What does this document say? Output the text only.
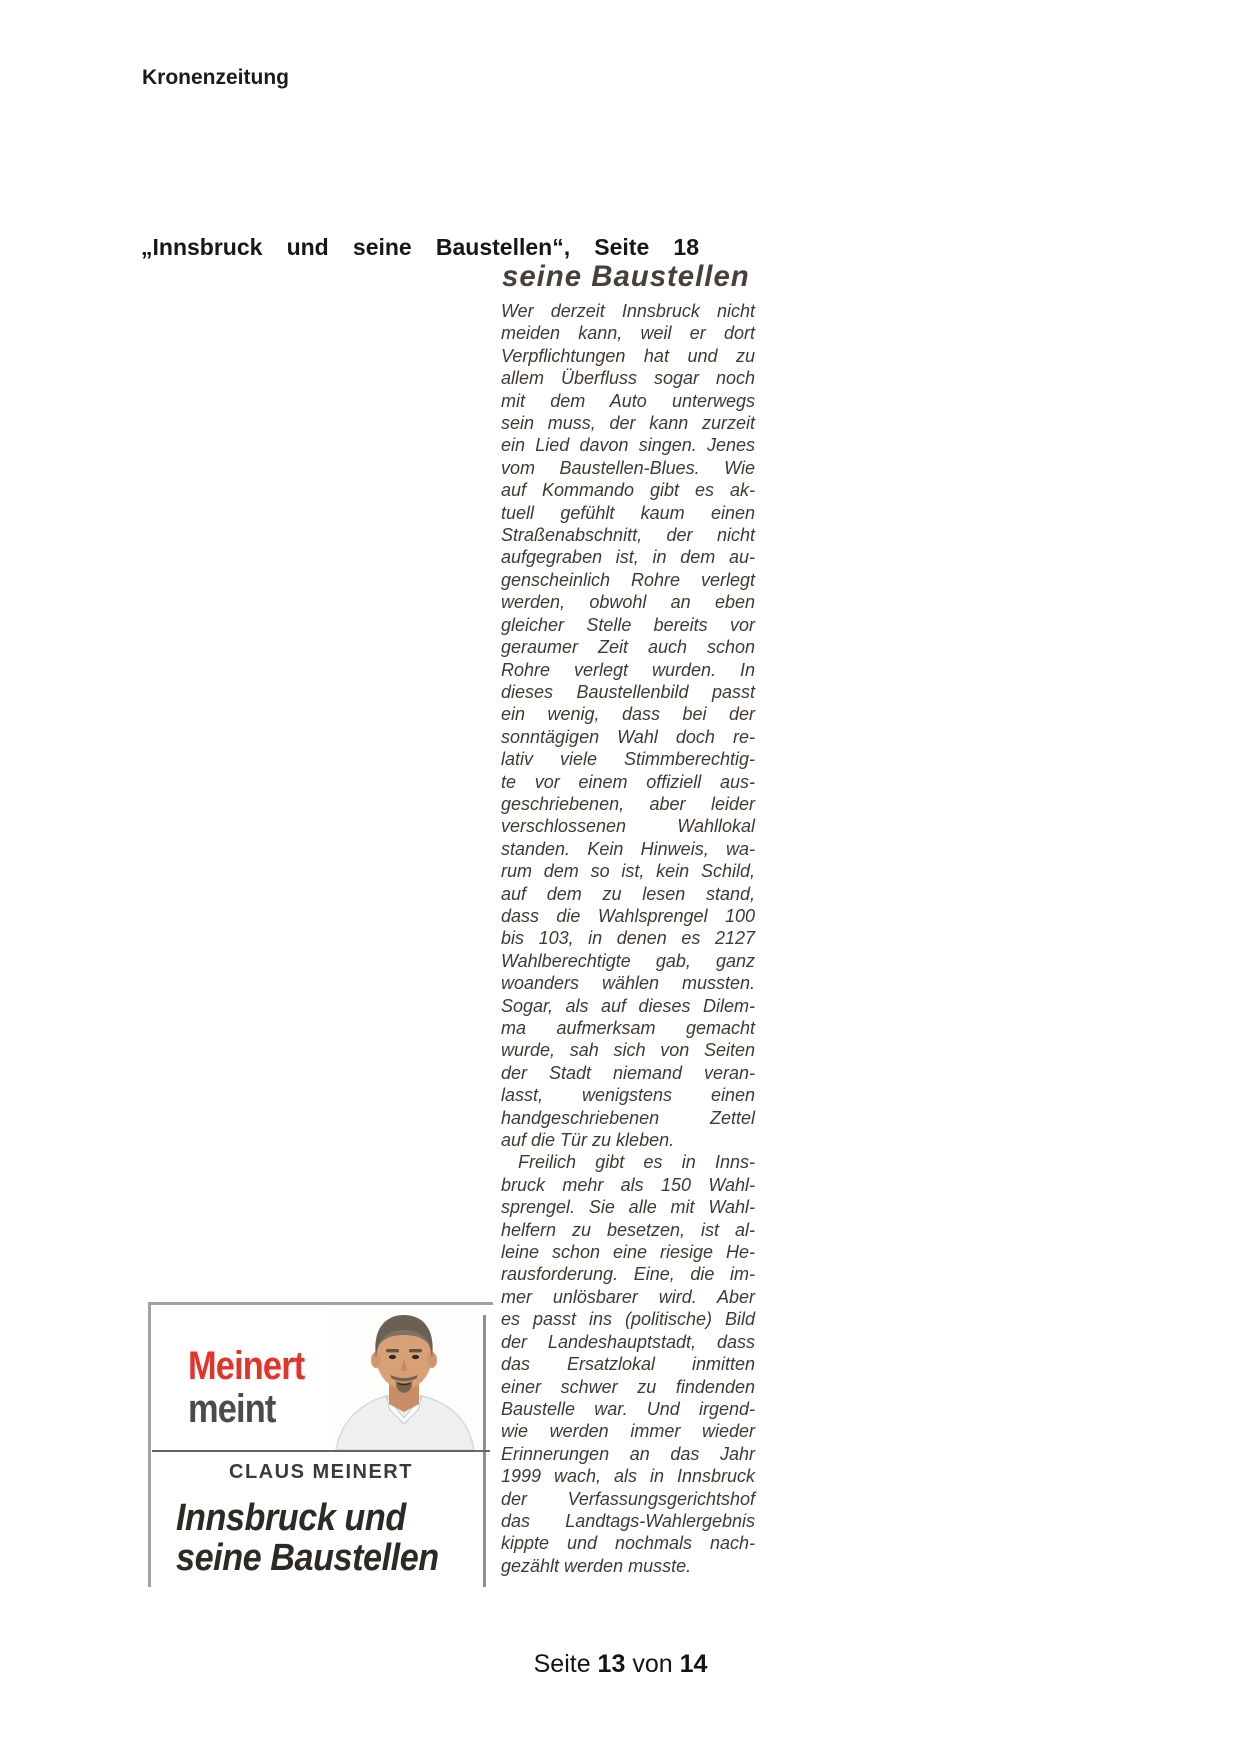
Kronenzeitung
„Innsbruck und seine Baustellen“, Seite 18
seine Baustellen
Wer derzeit Innsbruck nicht
meiden kann, weil er dort
Verpflichtungen hat und zu
allem Überfluss sogar noch
mit dem Auto unterwegs
sein muss, der kann zurzeit
ein Lied davon singen. Jenes
vom Baustellen-Blues. Wie
auf Kommando gibt es ak-
tuell gefühlt kaum einen
Straßenabschnitt, der nicht
aufgegraben ist, in dem au-
genscheinlich Rohre verlegt
werden, obwohl an eben
gleicher Stelle bereits vor
geraumer Zeit auch schon
Rohre verlegt wurden. In
dieses Baustellenbild passt
ein wenig, dass bei der
sonntägigen Wahl doch re-
lativ viele Stimmberechtig-
te vor einem offiziell aus-
geschriebenen, aber leider
verschlossenen Wahllokal
standen. Kein Hinweis, wa-
rum dem so ist, kein Schild,
auf dem zu lesen stand,
dass die Wahlsprengel 100
bis 103, in denen es 2127
Wahlberechtigte gab, ganz
woanders wählen mussten.
Sogar, als auf dieses Dilem-
ma aufmerksam gemacht
wurde, sah sich von Seiten
der Stadt niemand veran-
lasst, wenigstens einen
handgeschriebenen Zettel
auf die Tür zu kleben.
Freilich gibt es in Inns-
bruck mehr als 150 Wahl-
sprengel. Sie alle mit Wahl-
helfern zu besetzen, ist al-
leine schon eine riesige He-
rausforderung. Eine, die im-
mer unlösbarer wird. Aber
es passt ins (politische) Bild
der Landeshauptstadt, dass
das Ersatzlokal inmitten
einer schwer zu findenden
Baustelle war. Und irgend-
wie werden immer wieder
Erinnerungen an das Jahr
1999 wach, als in Innsbruck
der Verfassungsgerichtshof
das Landtags-Wahlergebnis
kippte und nochmals nach-
gezählt werden musste.
Meinert
meint
CLAUS MEINERT
Innsbruck und
seine Baustellen
Seite 13 von 14
